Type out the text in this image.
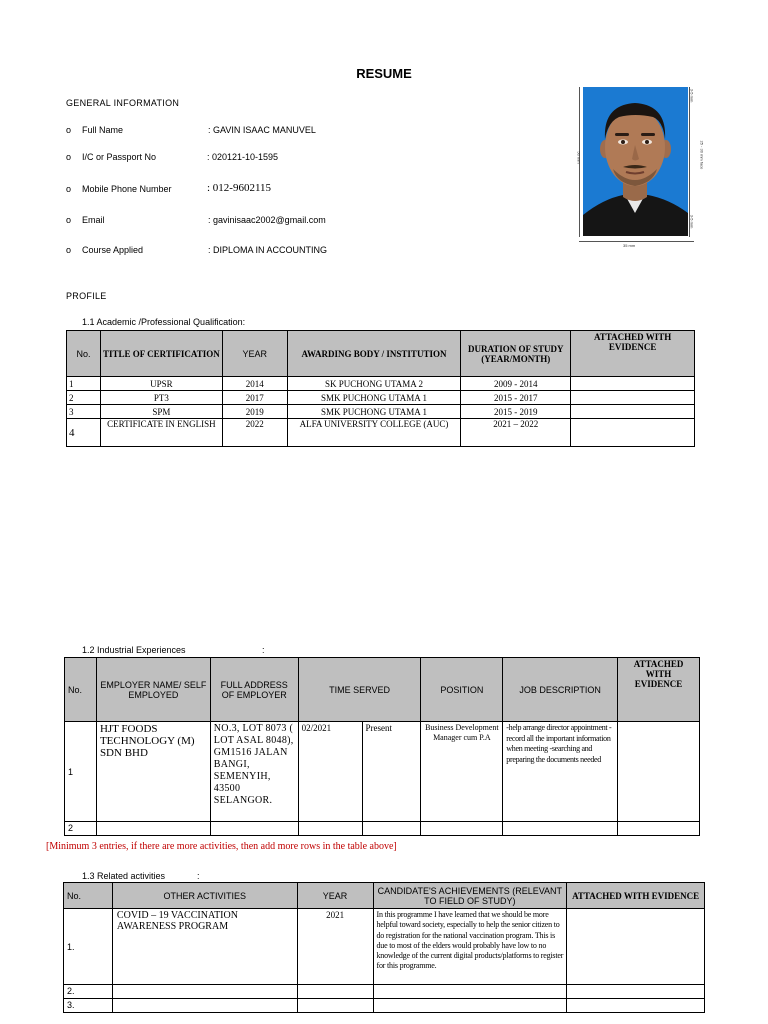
RESUME
GENERAL INFORMATION
o Full Name	: GAVIN ISAAC MANUVEL
o I/C or Passport No	: 020121-10-1595
o Mobile Phone Number	: 012-9602115
o Email	: gavinisaac2002@gmail.com
o Course Applied	: DIPLOMA IN ACCOUNTING
50 mm
35 mm
25 - 30 mm face
3-5 mm
3-5 mm
PROFILE
1.1 Academic /Professional Qualification:
No.	TITLE OF CERTIFICATION	YEAR	AWARDING BODY / INSTITUTION	DURATION OF STUDY (YEAR/MONTH)	ATTACHED WITH EVIDENCE
1	UPSR	2014	SK PUCHONG UTAMA 2	2009 - 2014	
2	PT3	2017	SMK PUCHONG UTAMA 1	2015 - 2017	
3	SPM	2019	SMK PUCHONG UTAMA 1	2015 - 2019	
4	CERTIFICATE IN ENGLISH	2022	ALFA UNIVERSITY COLLEGE (AUC)	2021 – 2022	
1.2 Industrial Experiences	:
No.	EMPLOYER NAME/ SELF EMPLOYED	FULL ADDRESS OF EMPLOYER	TIME SERVED		POSITION	JOB DESCRIPTION	ATTACHED WITH EVIDENCE
1	HJT FOODS TECHNOLOGY (M) SDN BHD	NO.3, LOT 8073 ( LOT ASAL 8048), GM1516 JALAN BANGI, SEMENYIH, 43500 SELANGOR.	02/2021	Present	Business Development Manager cum P.A	-help arrange director appointment -record all the important information when meeting -searching and preparing the documents needed	
2							
[Minimum 3 entries, if there are more activities, then add more rows in the table above]
1.3 Related activities	:
No.	OTHER ACTIVITIES	YEAR	CANDIDATE'S ACHIEVEMENTS (RELEVANT TO FIELD OF STUDY)	ATTACHED WITH EVIDENCE
1.	COVID – 19 VACCINATION AWARENESS PROGRAM	2021	In this programme I have learned that we should be more helpful toward society, especially to help the senior citizen to do registration for the national vaccination program. This is due to most of the elders would probably have low to no knowledge of the current digital products/platforms to register for this programme.	
2.				
3.				
